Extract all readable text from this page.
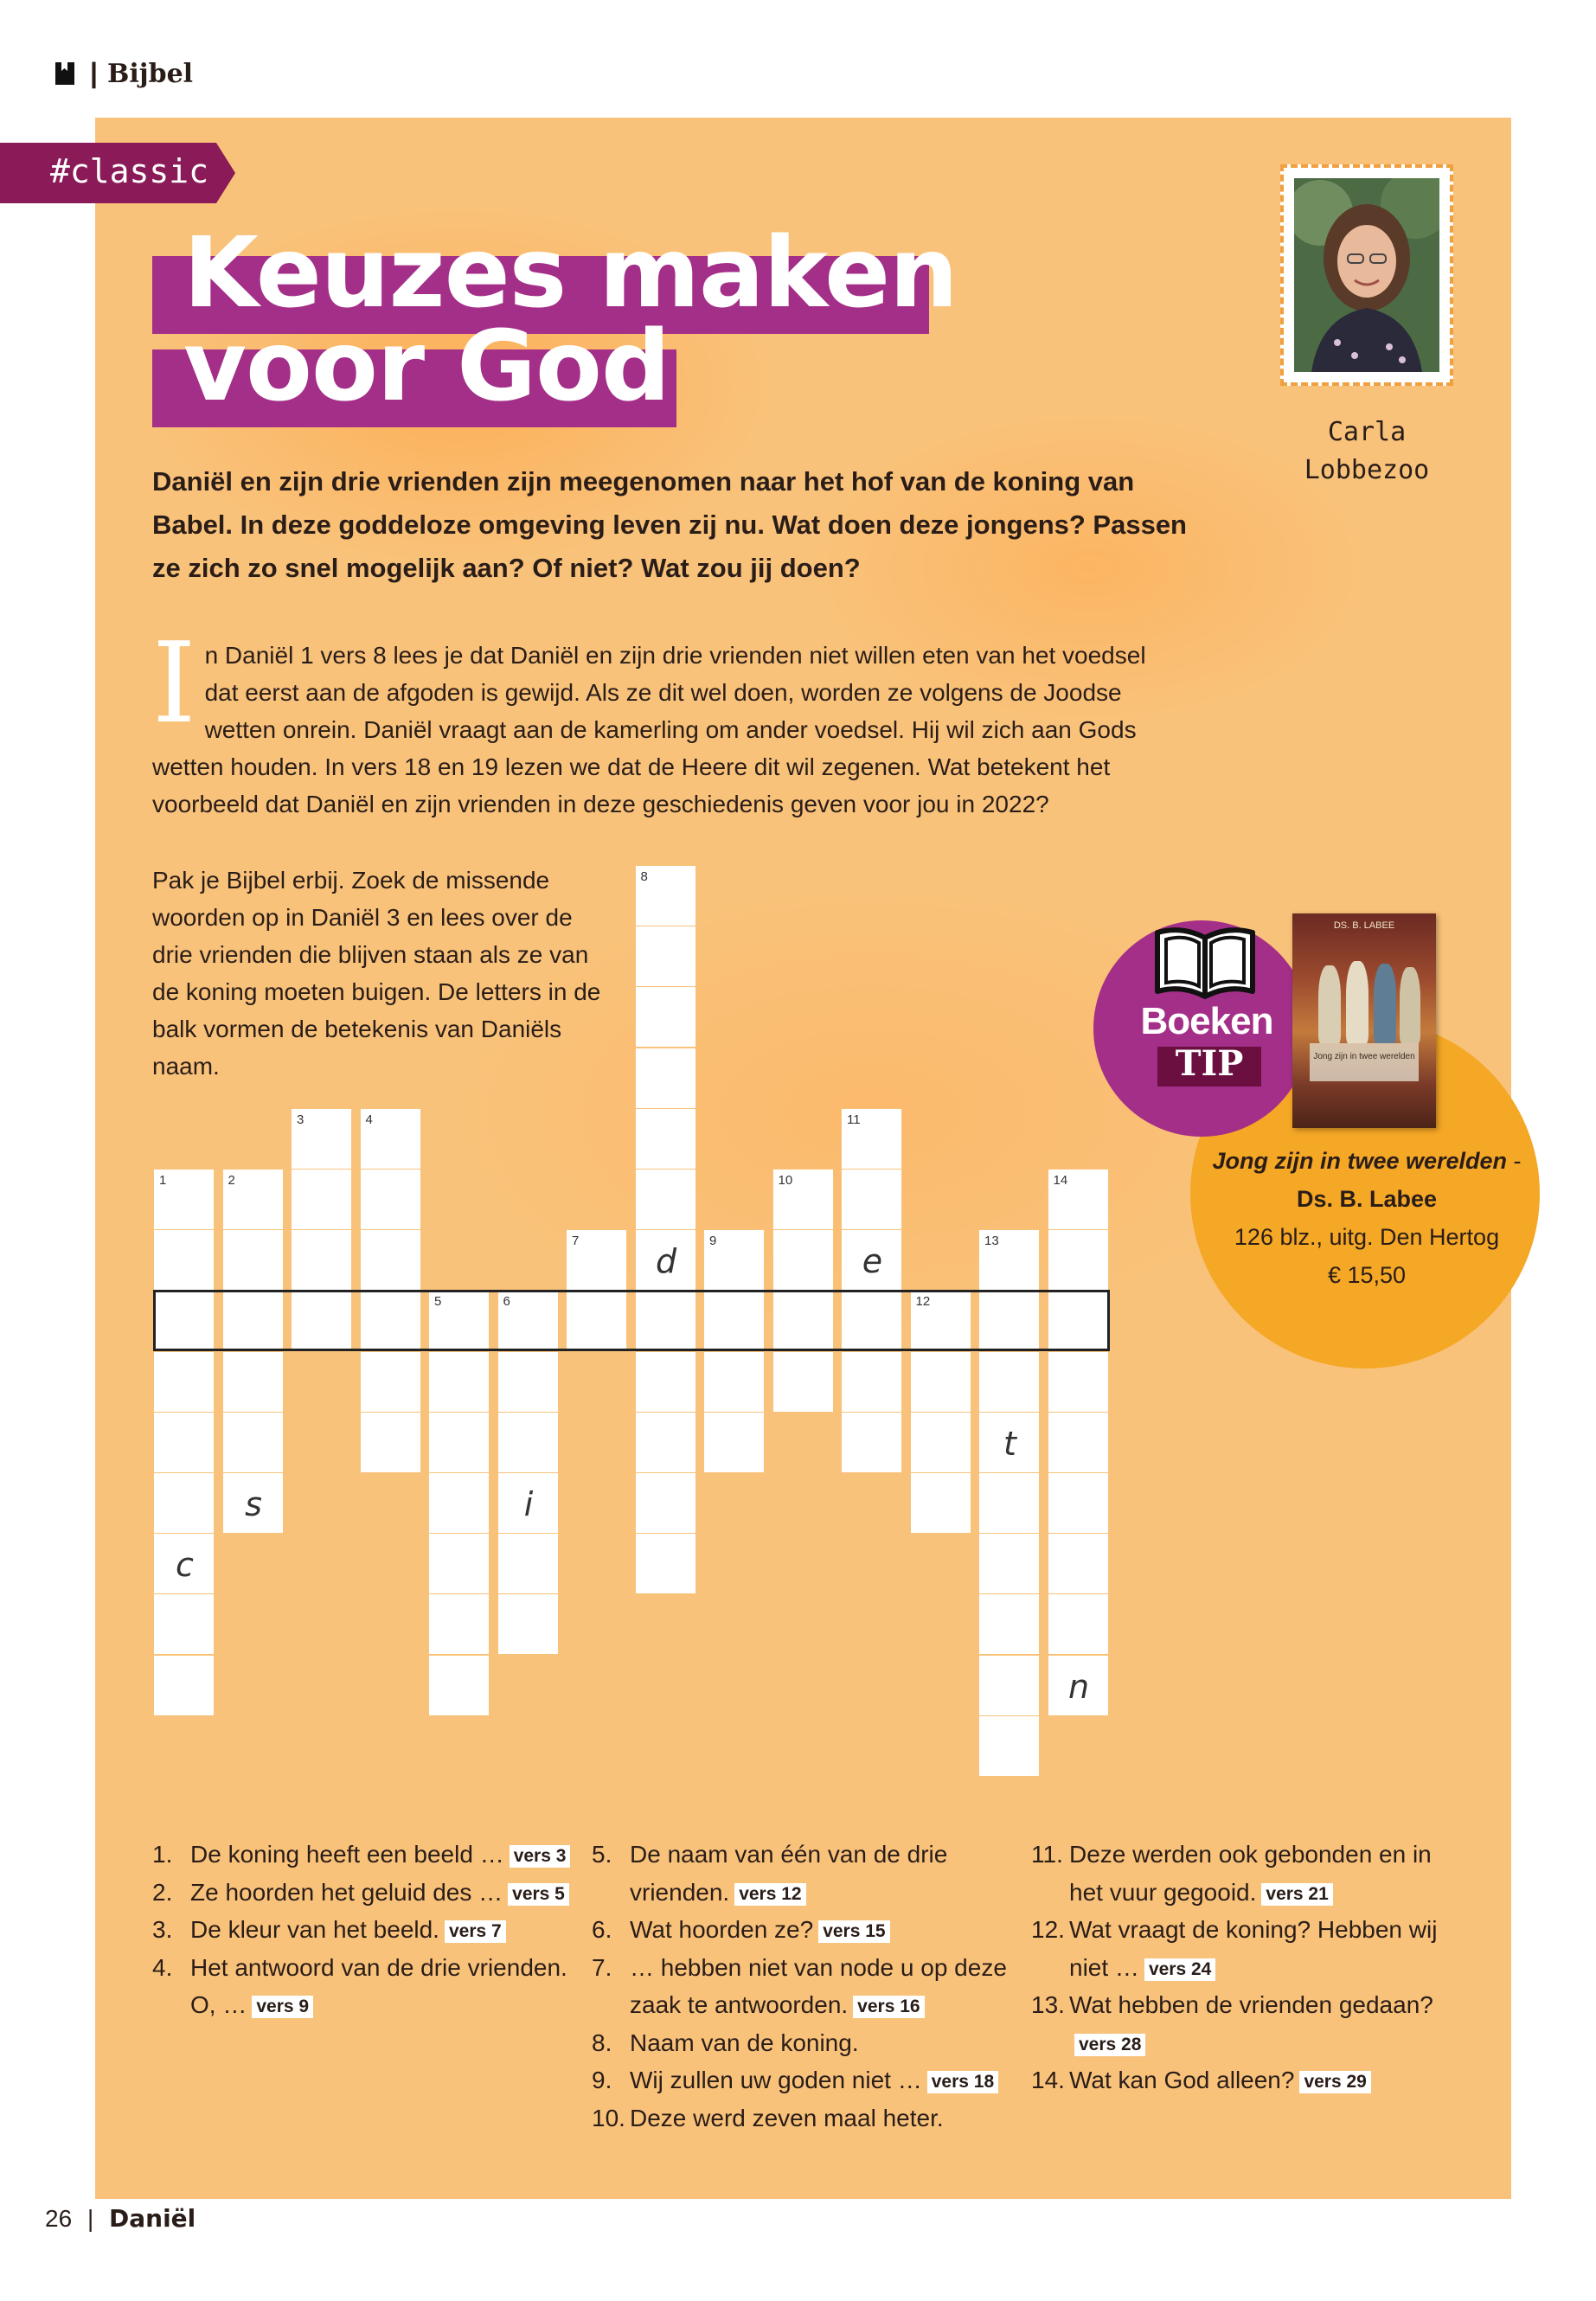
| Bijbel
#classic
Keuzes maken
voor God
Carla
Lobbezoo
Daniël en zijn drie vrienden zijn meegenomen naar het hof van de koning van Babel. In deze goddeloze omgeving leven zij nu. Wat doen deze jongens? Passen ze zich zo snel mogelijk aan? Of niet? Wat zou jij doen?
I n Daniël 1 vers 8 lees je dat Daniël en zijn drie vrienden niet willen eten van het voedsel dat eerst aan de afgoden is gewijd. Als ze dit wel doen, worden ze volgens de Joodse wetten onrein. Daniël vraagt aan de kamerling om ander voedsel. Hij wil zich aan Gods wetten houden. In vers 18 en 19 lezen we dat de Heere dit wil zegenen. Wat betekent het voorbeeld dat Daniël en zijn vrienden in deze geschiedenis geven voor jou in 2022?
Pak je Bijbel erbij. Zoek de missende woorden op in Daniël 3 en lees over de drie vrienden die blijven staan als ze van de koning moeten buigen. De letters in de balk vormen de betekenis van Daniëls naam.
1
c
2
s
3	4
5	6
i
7
8
d
9
10
11
e
12
13
t
14
n
Boeken
TIP
DS. B. LABEE
Jong zijn in twee werelden
Jong zijn in twee werelden - Ds. B. Labee
126 blz., uitg. Den Hertog
€ 15,50
1. De koning heeft een beeld … vers 3
2. Ze hoorden het geluid des … vers 5
3. De kleur van het beeld. vers 7
4. Het antwoord van de drie vrienden. O, … vers 9
5. De naam van één van de drie vrienden. vers 12
6. Wat hoorden ze? vers 15
7. … hebben niet van node u op deze zaak te antwoorden. vers 16
8. Naam van de koning.
9. Wij zullen uw goden niet … vers 18
10. Deze werd zeven maal heter.
11. Deze werden ook gebonden en in het vuur gegooid. vers 21
12. Wat vraagt de koning? Hebben wij niet … vers 24
13. Wat hebben de vrienden gedaan?vers 28
14. Wat kan God alleen? vers 29
26 | Daniël
